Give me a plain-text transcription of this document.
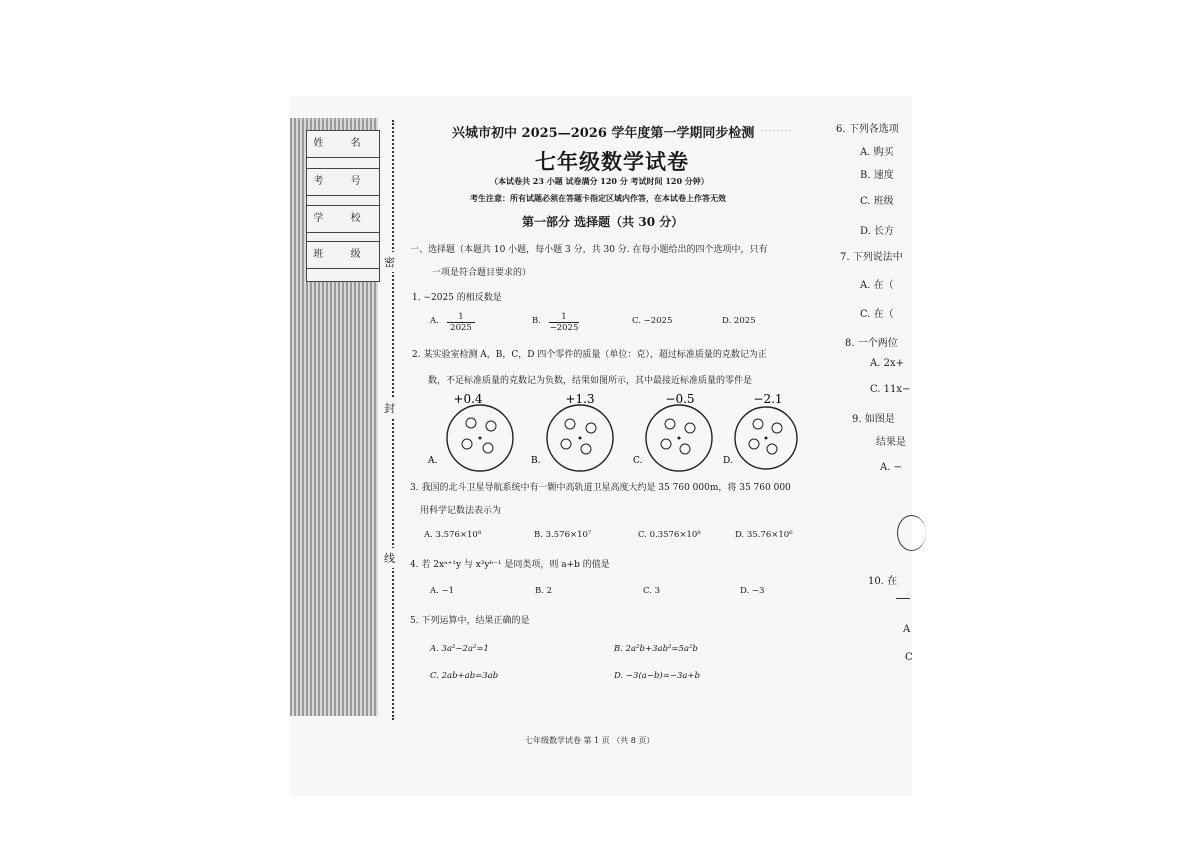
姓 名
考 号
学 校
班 级
密
封
线
…………
兴城市初中 2025—2026 学年度第一学期同步检测
七年级数学试卷
（本试卷共 23 小题 试卷满分 120 分 考试时间 120 分钟）
考生注意：所有试题必须在答题卡指定区域内作答，在本试卷上作答无效
第一部分 选择题（共 30 分）
一、选择题（本题共 10 小题，每小题 3 分，共 30 分. 在每小题给出的四个选项中，只有
一项是符合题目要求的）
1. −2025 的相反数是
A. $\frac{1}{2025}$	B. $\frac{1}{-2025}$	C. −2025	D. 2025
2. 某实验室检测 A，B，C，D 四个零件的质量（单位：克），超过标准质量的克数记为正
数，不足标准质量的克数记为负数，结果如图所示，其中最接近标准质量的零件是
+0.4
A.
+1.3
B.
−0.5
C.
−2.1
D.
3. 我国的北斗卫星导航系统中有一颗中高轨道卫星高度大约是 35 760 000m，将 35 760 000
用科学记数法表示为
A. 3.576×10⁸	B. 3.576×10⁷	C. 0.3576×10⁸	D. 35.76×10⁶
4. 若 2xᵃ⁺¹y 与 x²yᵇ⁻¹ 是同类项，则 a+b 的值是
A. −1	B. 2	C. 3	D. −3
5. 下列运算中，结果正确的是
A. 3a²−2a²=1	B. 2a²b+3ab²=5a²b
C. 2ab+ab=3ab	D. −3(a−b)=−3a+b
七年级数学试卷 第 1 页 （共 8 页）
6. 下列各选项
A. 购买
B. 速度
C. 班级
D. 长方
7. 下列说法中
A. 在（
C. 在（
8. 一个两位
A. 2x+
C. 11x−
9. 如图是
结果是
A. −
10. 在
A
C
